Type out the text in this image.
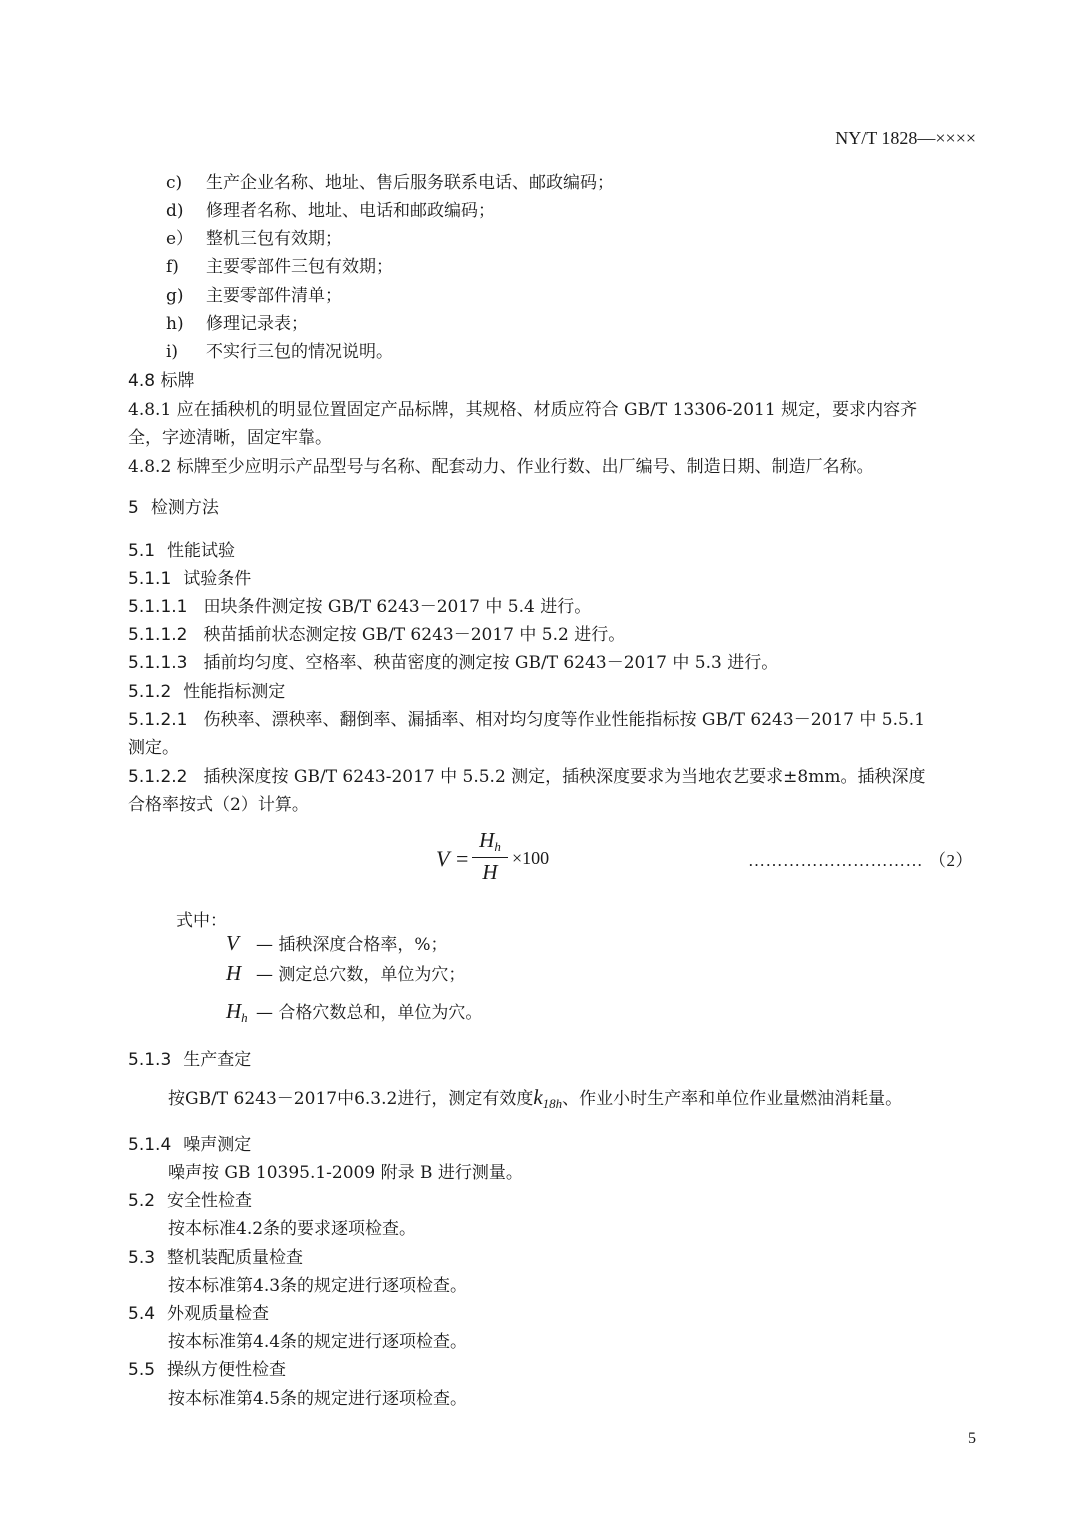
NY/T 1828—××××
c) 生产企业名称、地址、售后服务联系电话、邮政编码；
d) 修理者名称、地址、电话和邮政编码；
e） 整机三包有效期；
f) 主要零部件三包有效期；
g) 主要零部件清单；
h) 修理记录表；
i) 不实行三包的情况说明。
4.8 标牌
4.8.1 应在插秧机的明显位置固定产品标牌，其规格、材质应符合 GB/T 13306-2011 规定，要求内容齐
全，字迹清晰，固定牢靠。
4.8.2 标牌至少应明示产品型号与名称、配套动力、作业行数、出厂编号、制造日期、制造厂名称。
5 检测方法
5.1 性能试验
5.1.1 试验条件
5.1.1.1 田块条件测定按 GB/T 6243－2017 中 5.4 进行。
5.1.1.2 秧苗插前状态测定按 GB/T 6243－2017 中 5.2 进行。
5.1.1.3 插前均匀度、空格率、秧苗密度的测定按 GB/T 6243－2017 中 5.3 进行。
5.1.2 性能指标测定
5.1.2.1 伤秧率、漂秧率、翻倒率、漏插率、相对均匀度等作业性能指标按 GB/T 6243－2017 中 5.5.1
测定。
5.1.2.2 插秧深度按 GB/T 6243-2017 中 5.5.2 测定，插秧深度要求为当地农艺要求±8mm。插秧深度
合格率按式（2）计算。
V =
$H_h$
H
×100	………………………… （2）
式中：
V — 插秧深度合格率，%；
H — 测定总穴数，单位为穴；
$H_h$ — 合格穴数总和，单位为穴。
5.1.3 生产查定
按GB/T 6243－2017中6.3.2进行，测定有效度$k_{18h}$、作业小时生产率和单位作业量燃油消耗量。
5.1.4 噪声测定
噪声按 GB 10395.1-2009 附录 B 进行测量。
5.2 安全性检查
按本标准4.2条的要求逐项检查。
5.3 整机装配质量检查
按本标准第4.3条的规定进行逐项检查。
5.4 外观质量检查
按本标准第4.4条的规定进行逐项检查。
5.5 操纵方便性检查
按本标准第4.5条的规定进行逐项检查。
5
